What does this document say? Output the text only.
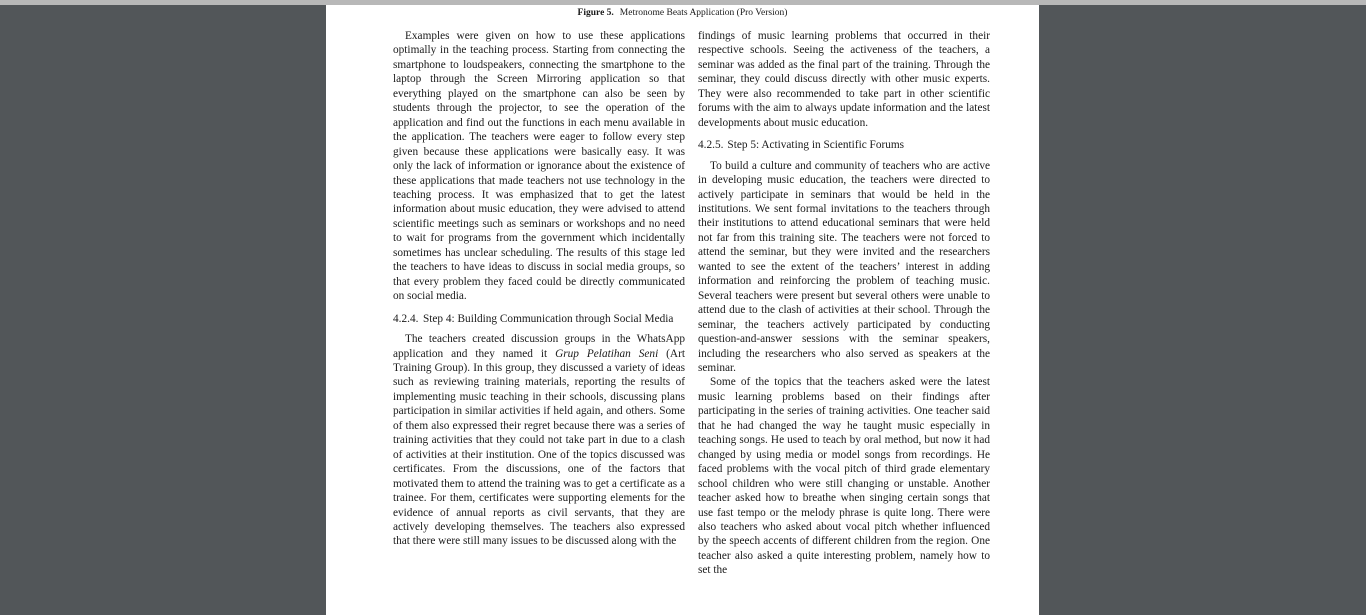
Figure 5. Metronome Beats Application (Pro Version)

Examples were given on how to use these applications optimally in the teaching process. Starting from connecting the smartphone to loudspeakers, connecting the smartphone to the laptop through the Screen Mirroring application so that everything played on the smartphone can also be seen by students through the projector, to see the operation of the application and find out the functions in each menu available in the application. The teachers were eager to follow every step given because these applications were basically easy. It was only the lack of information or ignorance about the existence of these applications that made teachers not use technology in the teaching process. It was emphasized that to get the latest information about music education, they were advised to attend scientific meetings such as seminars or workshops and no need to wait for programs from the government which incidentally sometimes has unclear scheduling. The results of this stage led the teachers to have ideas to discuss in social media groups, so that every problem they faced could be directly communicated on social media.

4.2.4. Step 4: Building Communication through Social Media

The teachers created discussion groups in the WhatsApp application and they named it Grup Pelatihan Seni (Art Training Group). In this group, they discussed a variety of ideas such as reviewing training materials, reporting the results of implementing music teaching in their schools, discussing plans participation in similar activities if held again, and others. Some of them also expressed their regret because there was a series of training activities that they could not take part in due to a clash of activities at their institution. One of the topics discussed was certificates. From the discussions, one of the factors that motivated them to attend the training was to get a certificate as a trainee. For them, certificates were supporting elements for the evidence of annual reports as civil servants, that they are actively developing themselves. The teachers also expressed that there were still many issues to be discussed along with the

findings of music learning problems that occurred in their respective schools. Seeing the activeness of the teachers, a seminar was added as the final part of the training. Through the seminar, they could discuss directly with other music experts. They were also recommended to take part in other scientific forums with the aim to always update information and the latest developments about music education.

4.2.5. Step 5: Activating in Scientific Forums

To build a culture and community of teachers who are active in developing music education, the teachers were directed to actively participate in seminars that would be held in the institutions. We sent formal invitations to the teachers through their institutions to attend educational seminars that were held not far from this training site. The teachers were not forced to attend the seminar, but they were invited and the researchers wanted to see the extent of the teachers’ interest in adding information and reinforcing the problem of teaching music. Several teachers were present but several others were unable to attend due to the clash of activities at their school. Through the seminar, the teachers actively participated by conducting question-and-answer sessions with the seminar speakers, including the researchers who also served as speakers at the seminar.

Some of the topics that the teachers asked were the latest music learning problems based on their findings after participating in the series of training activities. One teacher said that he had changed the way he taught music especially in teaching songs. He used to teach by oral method, but now it had changed by using media or model songs from recordings. He faced problems with the vocal pitch of third grade elementary school children who were still changing or unstable. Another teacher asked how to breathe when singing certain songs that use fast tempo or the melody phrase is quite long. There were also teachers who asked about vocal pitch whether influenced by the speech accents of different children from the region. One teacher also asked a quite interesting problem, namely how to set the
